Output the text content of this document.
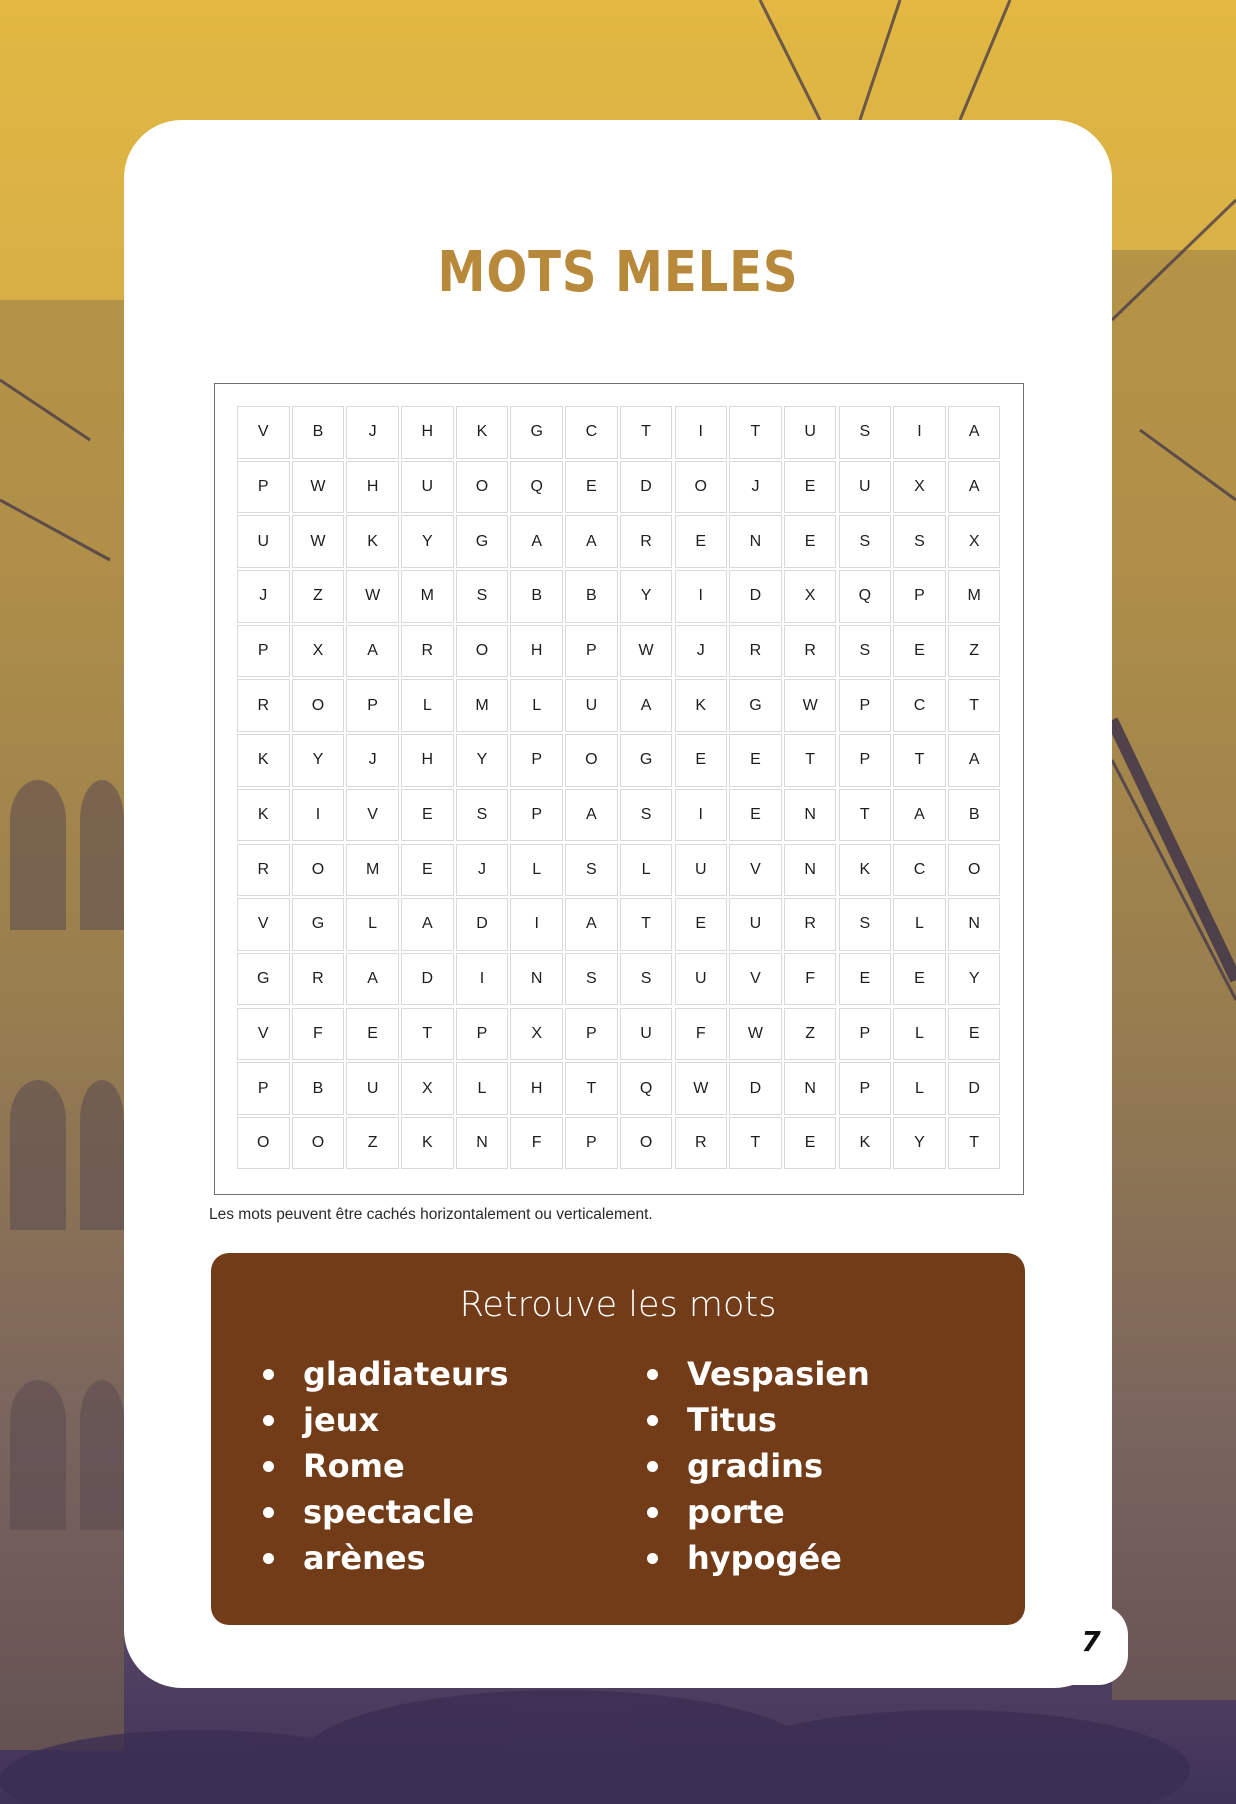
MOTS MELES
V	B	J	H	K	G	C	T	I	T	U	S	I	A
P	W	H	U	O	Q	E	D	O	J	E	U	X	A
U	W	K	Y	G	A	A	R	E	N	E	S	S	X
J	Z	W	M	S	B	B	Y	I	D	X	Q	P	M
P	X	A	R	O	H	P	W	J	R	R	S	E	Z
R	O	P	L	M	L	U	A	K	G	W	P	C	T
K	Y	J	H	Y	P	O	G	E	E	T	P	T	A
K	I	V	E	S	P	A	S	I	E	N	T	A	B
R	O	M	E	J	L	S	L	U	V	N	K	C	O
V	G	L	A	D	I	A	T	E	U	R	S	L	N
G	R	A	D	I	N	S	S	U	V	F	E	E	Y
V	F	E	T	P	X	P	U	F	W	Z	P	L	E
P	B	U	X	L	H	T	Q	W	D	N	P	L	D
O	O	Z	K	N	F	P	O	R	T	E	K	Y	T
Les mots peuvent être cachés horizontalement ou verticalement.
Retrouve les mots
gladiateurs
jeux
Rome
spectacle
arènes
Vespasien
Titus
gradins
porte
hypogée
7
